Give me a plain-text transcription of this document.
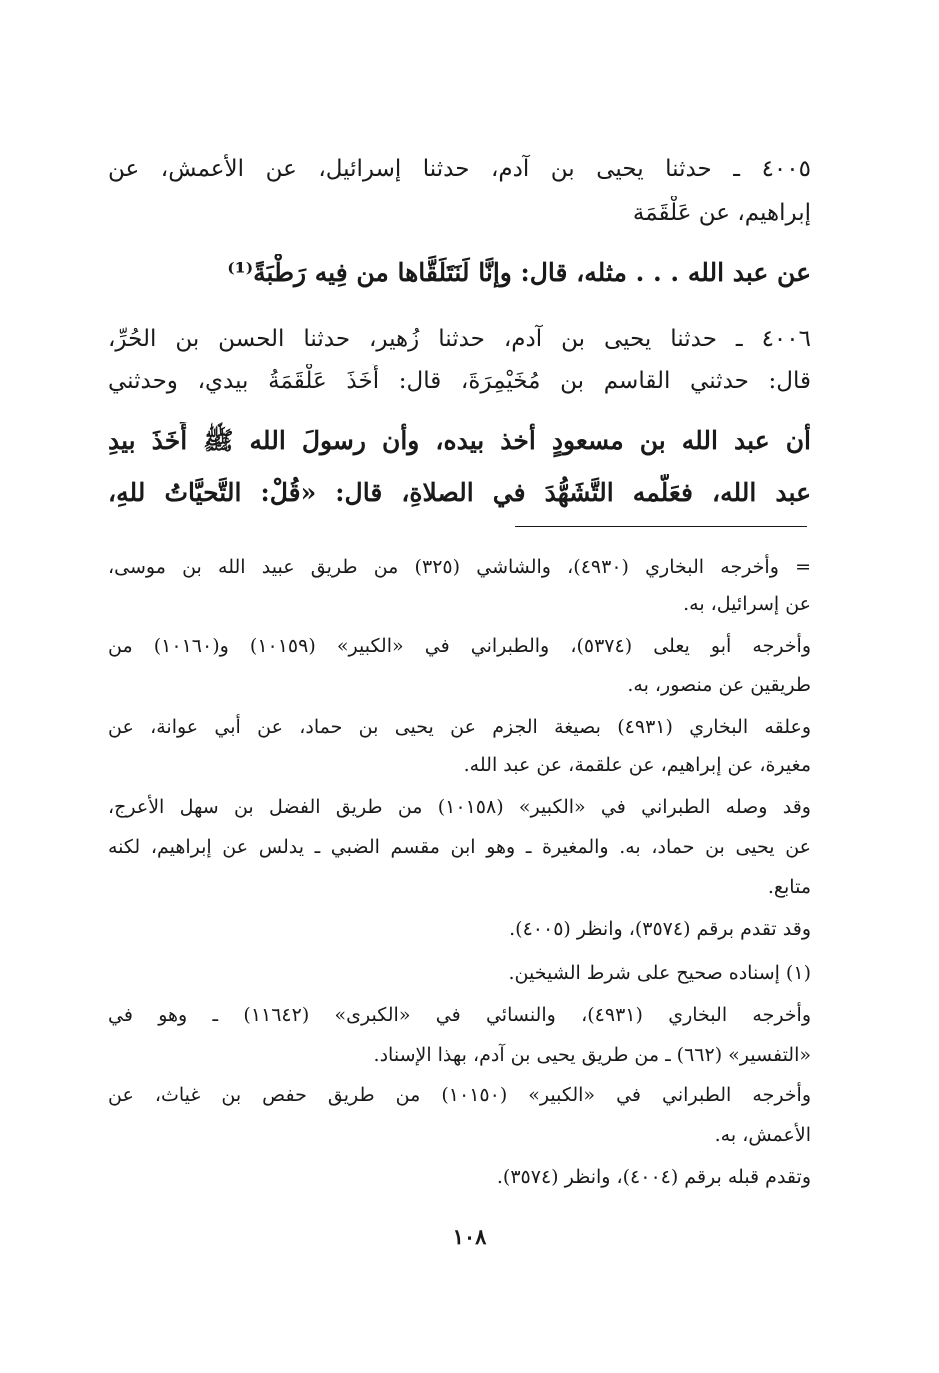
٤٠٠٥ ـ حدثنا يحيى بن آدم، حدثنا إسرائيل، عن الأعمش، عن
إبراهيم، عن عَلْقَمَة
عن عبد الله . . . مثله، قال: وإنَّا لَنَتَلَقَّاها من فِيه رَطْبَةً⁽¹⁾
٤٠٠٦ ـ حدثنا يحيى بن آدم، حدثنا زُهير، حدثنا الحسن بن الحُرِّ،
قال: حدثني القاسم بن مُخَيْمِرَةَ، قال: أَخَذَ عَلْقَمَةُ بيدي، وحدثني
أن عبد الله بن مسعودٍ أخذ بيده، وأن رسولَ الله ﷺ أَخَذَ بيدِ
عبد الله، فعَلَّمه التَّشَهُّدَ في الصلاةِ، قال: «قُلْ: التَّحيَّاتُ للهِ،
= وأخرجه البخاري (٤٩٣٠)، والشاشي (٣٢٥) من طريق عبيد الله بن موسى،
عن إسرائيل، به.
وأخرجه أبو يعلى (٥٣٧٤)، والطبراني في «الكبير» (١٠١٥٩) و(١٠١٦٠) من
طريقين عن منصور، به.
وعلقه البخاري (٤٩٣١) بصيغة الجزم عن يحيى بن حماد، عن أبي عوانة، عن
مغيرة، عن إبراهيم، عن علقمة، عن عبد الله.
وقد وصله الطبراني في «الكبير» (١٠١٥٨) من طريق الفضل بن سهل الأعرج،
عن يحيى بن حماد، به. والمغيرة ـ وهو ابن مقسم الضبي ـ يدلس عن إبراهيم، لكنه
متابع.
وقد تقدم برقم (٣٥٧٤)، وانظر (٤٠٠٥).
(١) إسناده صحيح على شرط الشيخين.
وأخرجه البخاري (٤٩٣١)، والنسائي في «الكبرى» (١١٦٤٢) ـ وهو في
«التفسير» (٦٦٢) ـ من طريق يحيى بن آدم، بهذا الإسناد.
وأخرجه الطبراني في «الكبير» (١٠١٥٠) من طريق حفص بن غياث، عن
الأعمش، به.
وتقدم قبله برقم (٤٠٠٤)، وانظر (٣٥٧٤).
١٠٨
